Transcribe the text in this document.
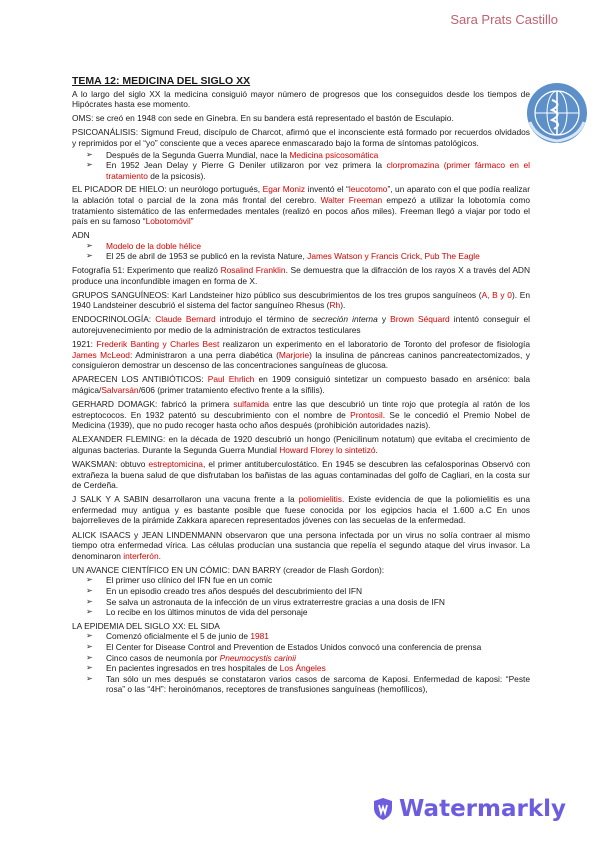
Sara Prats Castillo
TEMA 12: MEDICINA DEL SIGLO XX

A lo largo del siglo XX la medicina consiguió mayor número de progresos que los conseguidos desde los tiempos de Hipócrates hasta ese momento.

OMS: se creó en 1948 con sede en Ginebra. En su bandera está representado el bastón de Esculapio.

PSICOANÁLISIS: Sigmund Freud, discípulo de Charcot, afirmó que el inconsciente está formado por recuerdos olvidados y reprimidos por el “yo” consciente que a veces aparece enmascarado bajo la forma de síntomas patológicos.

➢ Después de la Segunda Guerra Mundial, nace la Medicina psicosomática
➢ En 1952 Jean Delay y Pierre G Deniler utilizaron por vez primera la clorpromazina (primer fármaco en el tratamiento de la psicosis).

EL PICADOR DE HIELO: un neurólogo portugués, Egar Moniz inventó el “leucotomo”, un aparato con el que podía realizar la ablación total o parcial de la zona más frontal del cerebro. Walter Freeman empezó a utilizar la lobotomía como tratamiento sistemático de las enfermedades mentales (realizó en pocos años miles). Freeman llegó a viajar por todo el país en su famoso “Lobotomóvil”

ADN
➢ Modelo de la doble hélice
➢ El 25 de abril de 1953 se publicó en la revista Nature, James Watson y Francis Crick, Pub The Eagle

Fotografía 51: Experimento que realizó Rosalind Franklin. Se demuestra que la difracción de los rayos X a través del ADN produce una inconfundible imagen en forma de X.

GRUPOS SANGUÍNEOS: Karl Landsteiner hizo público sus descubrimientos de los tres grupos sanguíneos (A, B y 0). En 1940 Landsteiner descubrió el sistema del factor sanguíneo Rhesus (Rh).

ENDOCRINOLOGÍA: Claude Bernard introdujo el término de secreción interna y Brown Séquard intentó conseguir el autorejuvenecimiento por medio de la administración de extractos testiculares

1921: Frederik Banting y Charles Best realizaron un experimento en el laboratorio de Toronto del profesor de fisiología James McLeod: Administraron a una perra diabética (Marjorie) la insulina de páncreas caninos pancreatectomizados, y consiguieron demostrar un descenso de las concentraciones sanguíneas de glucosa.

APARECEN LOS ANTIBIÓTICOS: Paul Ehrlich en 1909 consiguió sintetizar un compuesto basado en arsénico: bala mágica/Salvarsán/606 (primer tratamiento efectivo frente a la sífilis).

GERHARD DOMAGK: fabricó la primera sulfamida entre las que descubrió un tinte rojo que protegía al ratón de los estreptococos. En 1932 patentó su descubrimiento con el nombre de Prontosil. Se le concedió el Premio Nobel de Medicina (1939), que no pudo recoger hasta ocho años después (prohibición autoridades nazis).

ALEXANDER FLEMING: en la década de 1920 descubrió un hongo (Penicilinum notatum) que evitaba el crecimiento de algunas bacterias. Durante la Segunda Guerra Mundial Howard Florey lo sintetizó.

WAKSMAN: obtuvo estreptomicina, el primer antituberculostático. En 1945 se descubren las cefalosporinas Observó con extrañeza la buena salud de que disfrutaban los bañistas de las aguas contaminadas del golfo de Cagliari, en la costa sur de Cerdeña.

J SALK Y A SABIN desarrollaron una vacuna frente a la poliomielitis. Existe evidencia de que la poliomielitis es una enfermedad muy antigua y es bastante posible que fuese conocida por los egipcios hacia el 1.600 a.C En unos bajorrelieves de la pirámide Zakkara aparecen representados jóvenes con las secuelas de la enfermedad.

ALICK ISAACS y JEAN LINDENMANN observaron que una persona infectada por un virus no solía contraer al mismo tiempo otra enfermedad vírica. Las células producían una sustancia que repelía el segundo ataque del virus invasor. La denominaron interferón.

UN AVANCE CIENTÍFICO EN UN CÓMIC: DAN BARRY (creador de Flash Gordon):
➢ El primer uso clínico del IFN fue en un comic
➢ En un episodio creado tres años después del descubrimiento del IFN
➢ Se salva un astronauta de la infección de un virus extraterrestre gracias a una dosis de IFN
➢ Lo recibe en los últimos minutos de vida del personaje
LA EPIDEMIA DEL SIGLO XX: EL SIDA
➢ Comenzó oficialmente el 5 de junio de 1981
➢ El Center for Disease Control and Prevention de Estados Unidos convocó una conferencia de prensa
➢ Cinco casos de neumonía por Pneumocystis carinii
➢ En pacientes ingresados en tres hospitales de Los Ángeles
➢ Tan sólo un mes después se constataron varios casos de sarcoma de Kaposi. Enfermedad de kaposi: “Peste rosa” o las “4H”: heroinómanos, receptores de transfusiones sanguíneas (hemofílicos),
Watermarkly
